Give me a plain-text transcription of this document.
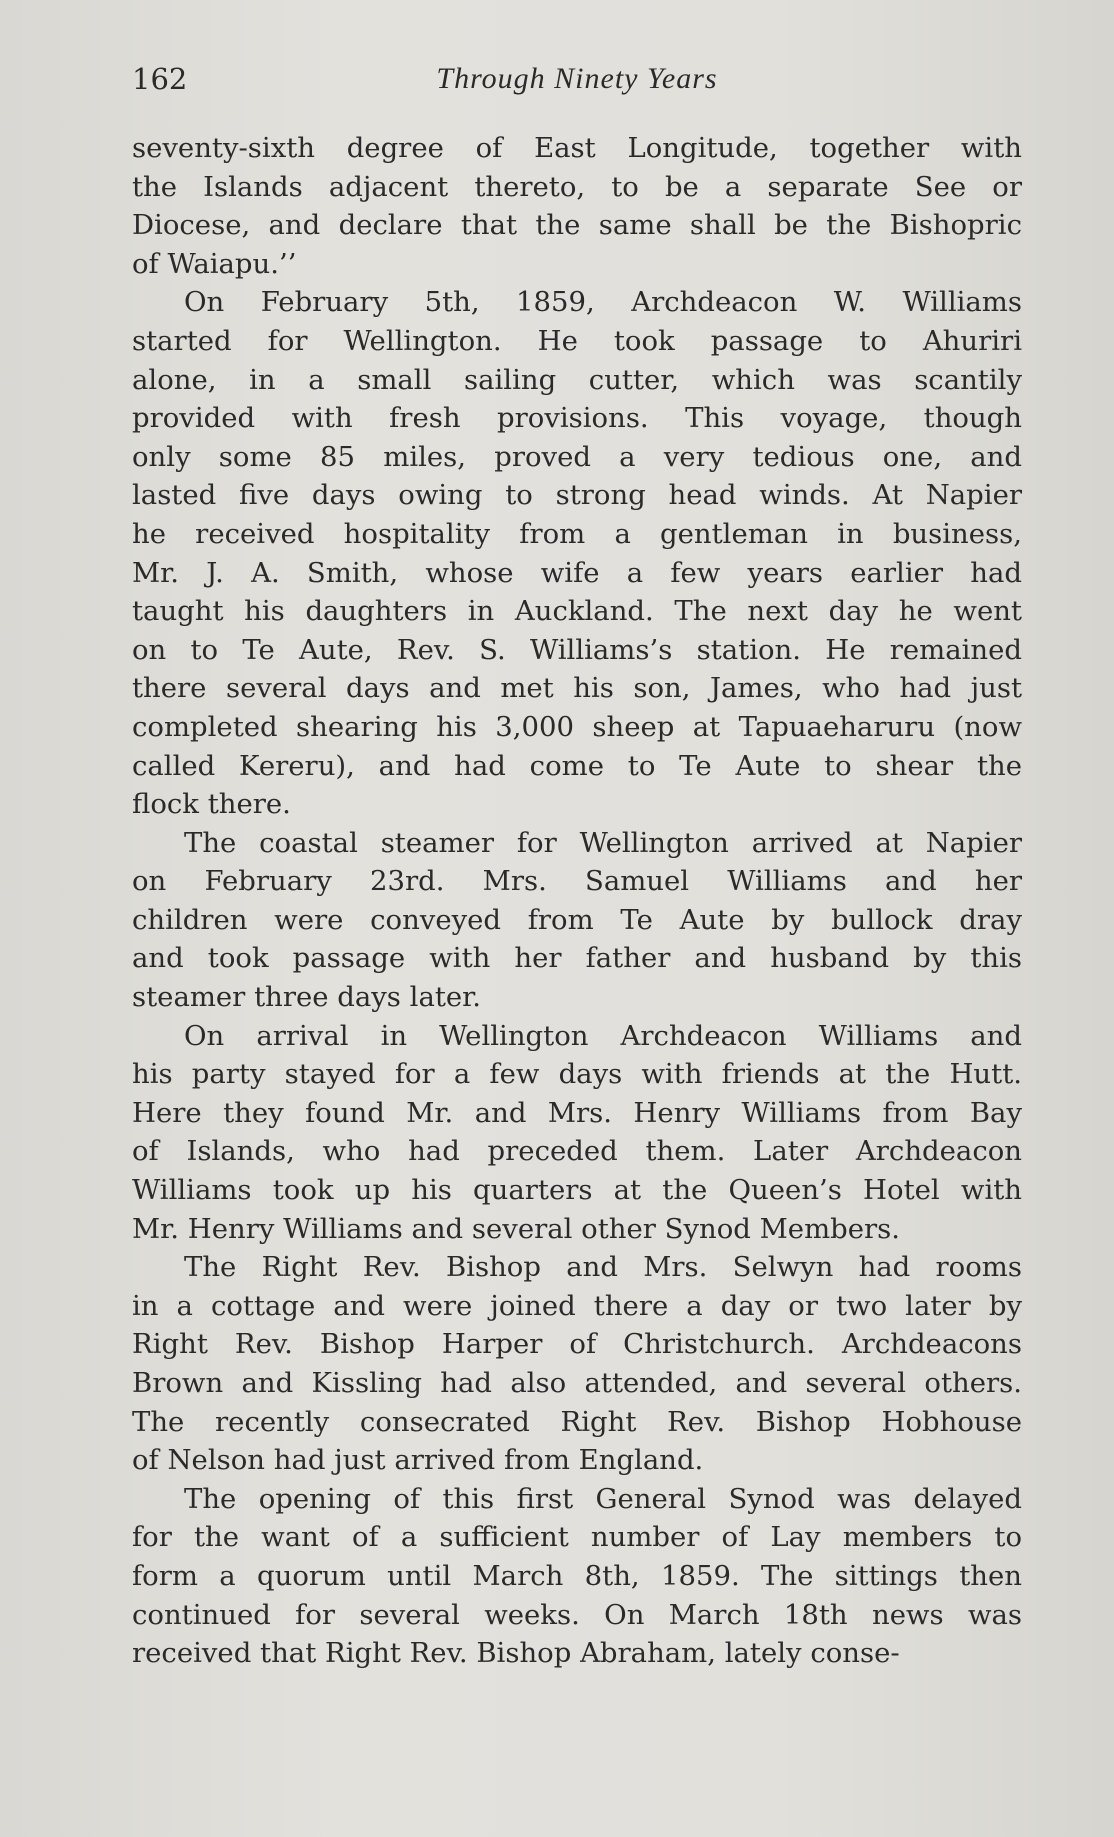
162	Through Ninety Years
seventy-sixth degree of East Longitude, together with
the Islands adjacent thereto, to be a separate See or
Diocese, and declare that the same shall be the Bishopric
of Waiapu.’’
On February 5th, 1859, Archdeacon W. Williams
started for Wellington. He took passage to Ahuriri
alone, in a small sailing cutter, which was scantily
provided with fresh provisions. This voyage, though
only some 85 miles, proved a very tedious one, and
lasted five days owing to strong head winds. At Napier
he received hospitality from a gentleman in business,
Mr. J. A. Smith, whose wife a few years earlier had
taught his daughters in Auckland. The next day he went
on to Te Aute, Rev. S. Williams’s station. He remained
there several days and met his son, James, who had just
completed shearing his 3,000 sheep at Tapuaeharuru (now
called Kereru), and had come to Te Aute to shear the
flock there.
The coastal steamer for Wellington arrived at Napier
on February 23rd. Mrs. Samuel Williams and her
children were conveyed from Te Aute by bullock dray
and took passage with her father and husband by this
steamer three days later.
On arrival in Wellington Archdeacon Williams and
his party stayed for a few days with friends at the Hutt.
Here they found Mr. and Mrs. Henry Williams from Bay
of Islands, who had preceded them. Later Archdeacon
Williams took up his quarters at the Queen’s Hotel with
Mr. Henry Williams and several other Synod Members.
The Right Rev. Bishop and Mrs. Selwyn had rooms
in a cottage and were joined there a day or two later by
Right Rev. Bishop Harper of Christchurch. Archdeacons
Brown and Kissling had also attended, and several others.
The recently consecrated Right Rev. Bishop Hobhouse
of Nelson had just arrived from England.
The opening of this first General Synod was delayed
for the want of a sufficient number of Lay members to
form a quorum until March 8th, 1859. The sittings then
continued for several weeks. On March 18th news was
received that Right Rev. Bishop Abraham, lately conse-
